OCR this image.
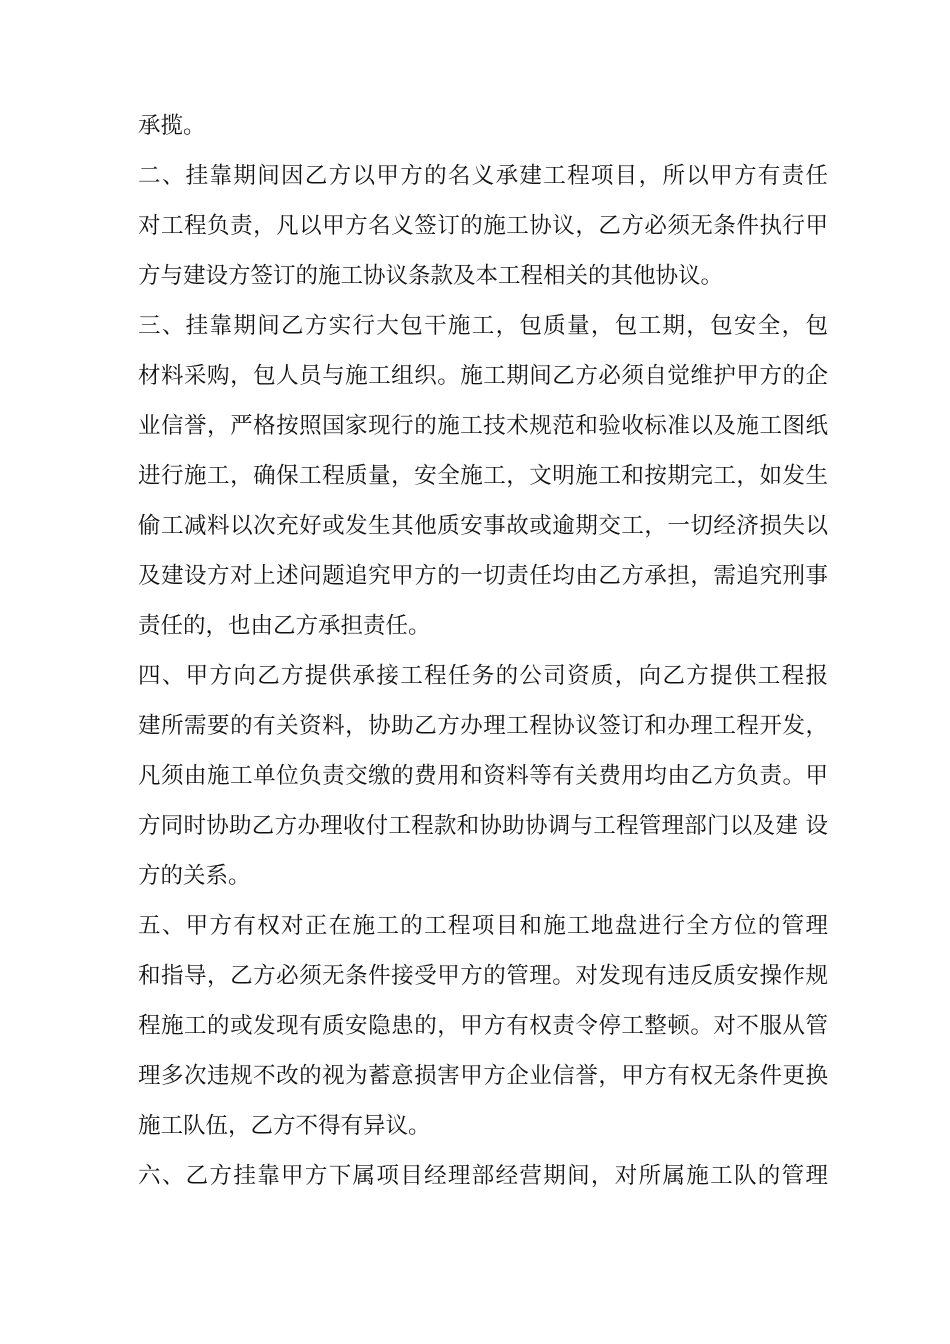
承揽。
二、挂靠期间因乙方以甲方的名义承建工程项目，所以甲方有责任
对工程负责，凡以甲方名义签订的施工协议，乙方必须无条件执行甲
方与建设方签订的施工协议条款及本工程相关的其他协议。
三、挂靠期间乙方实行大包干施工，包质量，包工期，包安全，包
材料采购，包人员与施工组织。施工期间乙方必须自觉维护甲方的企
业信誉，严格按照国家现行的施工技术规范和验收标准以及施工图纸
进行施工，确保工程质量，安全施工，文明施工和按期完工，如发生
偷工减料以次充好或发生其他质安事故或逾期交工，一切经济损失以
及建设方对上述问题追究甲方的一切责任均由乙方承担，需追究刑事
责任的，也由乙方承担责任。
四、甲方向乙方提供承接工程任务的公司资质，向乙方提供工程报
建所需要的有关资料，协助乙方办理工程协议签订和办理工程开发，
凡须由施工单位负责交缴的费用和资料等有关费用均由乙方负责。甲
方同时协助乙方办理收付工程款和协助协调与工程管理部门以及建 设
方的关系。
五、甲方有权对正在施工的工程项目和施工地盘进行全方位的管理
和指导，乙方必须无条件接受甲方的管理。对发现有违反质安操作规
程施工的或发现有质安隐患的，甲方有权责令停工整顿。对不服从管
理多次违规不改的视为蓄意损害甲方企业信誉，甲方有权无条件更换
施工队伍，乙方不得有异议。
六、乙方挂靠甲方下属项目经理部经营期间，对所属施工队的管理
